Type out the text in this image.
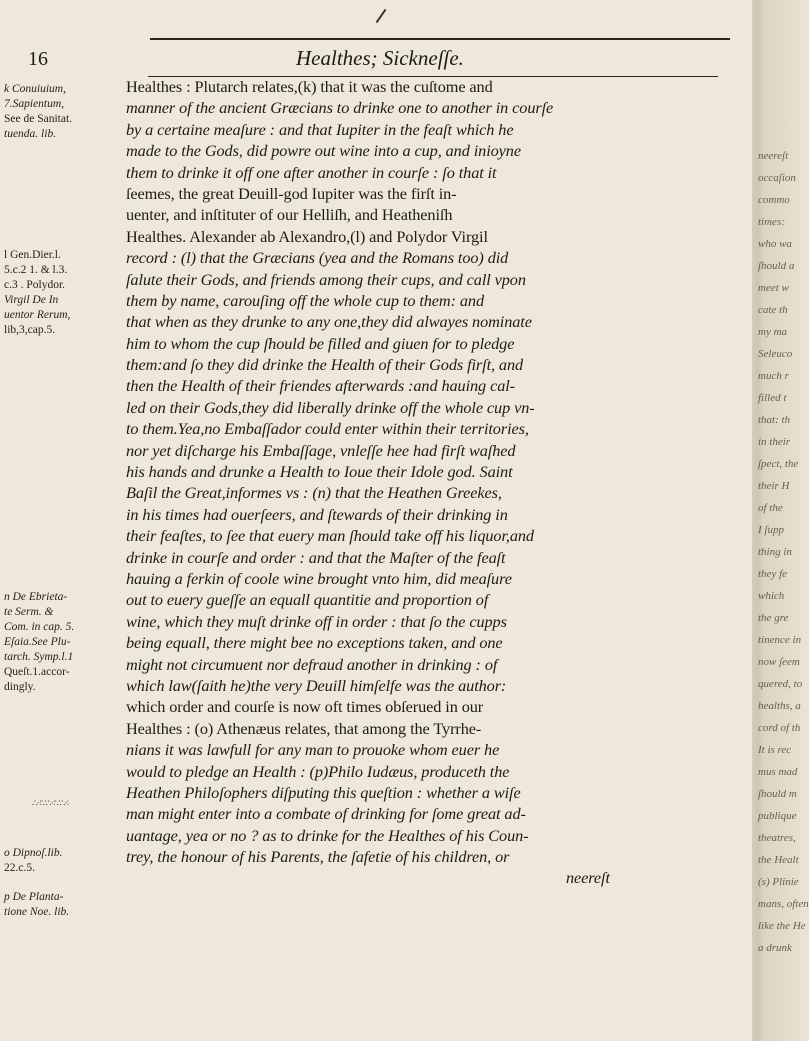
16	Healthes; Sickneſſe.
k Conuiuium,
7.Sapientum,
See de Sanitat.
tuenda. lib.
l Gen.Dier.l.
5.c.2 1. & l.3.
c.3 . Polydor.
Virgil De In
uentor Rerum,
lib,3,cap.5.
n De Ebrieta-
te Serm. &
Com. in cap. 5.
Eſaia.See Plu-
tarch. Symp.l.1
Queſt.1.accor-
dingly.
∴⁖∵∴⁖∵∴⁖
o Dipnoſ.lib.
22.c.5.
p De Planta-
tione Noe. lib.
Healthes : Plutarch relates,(k) that it was the cuſtome and
manner of the ancient Græcians to drinke one to another in courſe
by a certaine meaſure : and that Iupiter in the feaſt which he
made to the Gods, did powre out wine into a cup, and inioyne
them to drinke it off one after another in courſe : ſo that it
ſeemes, the great Deuill-god Iupiter was the firſt in-
uenter, and inſtituter of our Helliſh, and Heatheniſh
Healthes. Alexander ab Alexandro,(l) and Polydor Virgil
record : (l) that the Græcians (yea and the Romans too) did
ſalute their Gods, and friends among their cups, and call vpon
them by name, carouſing off the whole cup to them: and
that when as they drunke to any one,they did alwayes nominate
him to whom the cup ſhould be filled and giuen for to pledge
them:and ſo they did drinke the Health of their Gods firſt, and
then the Health of their friendes afterwards :and hauing cal-
led on their Gods,they did liberally drinke off the whole cup vn-
to them.Yea,no Embaſſador could enter within their territories,
nor yet diſcharge his Embaſſage, vnleſſe hee had firſt waſhed
his hands and drunke a Health to Ioue their Idole god. Saint
Baſil the Great,informes vs : (n) that the Heathen Greekes,
in his times had ouerſeers, and ſtewards of their drinking in
their feaſtes, to ſee that euery man ſhould take off his liquor,and
drinke in courſe and order : and that the Maſter of the feaſt
hauing a ferkin of coole wine brought vnto him, did meaſure
out to euery gueſſe an equall quantitie and proportion of
wine, which they muſt drinke off in order : that ſo the cupps
being equall, there might bee no exceptions taken, and one
might not circumuent nor defraud another in drinking : of
which law(ſaith he)the very Deuill himſelfe was the author:
which order and courſe is now oft times obſerued in our
Healthes : (o) Athenæus relates, that among the Tyrrhe-
nians it was lawfull for any man to prouoke whom euer he
would to pledge an Health : (p)Philo Iudæus, produceth the
Heathen Philoſophers diſputing this queſtion : whether a wiſe
man might enter into a combate of drinking for ſome great ad-
uantage, yea or no ? as to drinke for the Healthes of his Coun-
trey, the honour of his Parents, the ſafetie of his children, or
neereſt
neereſt
occaſion
commo
times:
who wa
ſhould a
meet w
cate th
my ma
Seleuco
much r
filled t
that: th
in their
ſpect, the
their H
of the
I ſupp
thing in
they fe
which
the gre
tinence in
now ſeem
quered, to
healths, a
cord of th
It is rec
mus mad
ſhould m
publique
theatres,
the Healt
(s) Plinie
mans, often
like the He
a drunk
